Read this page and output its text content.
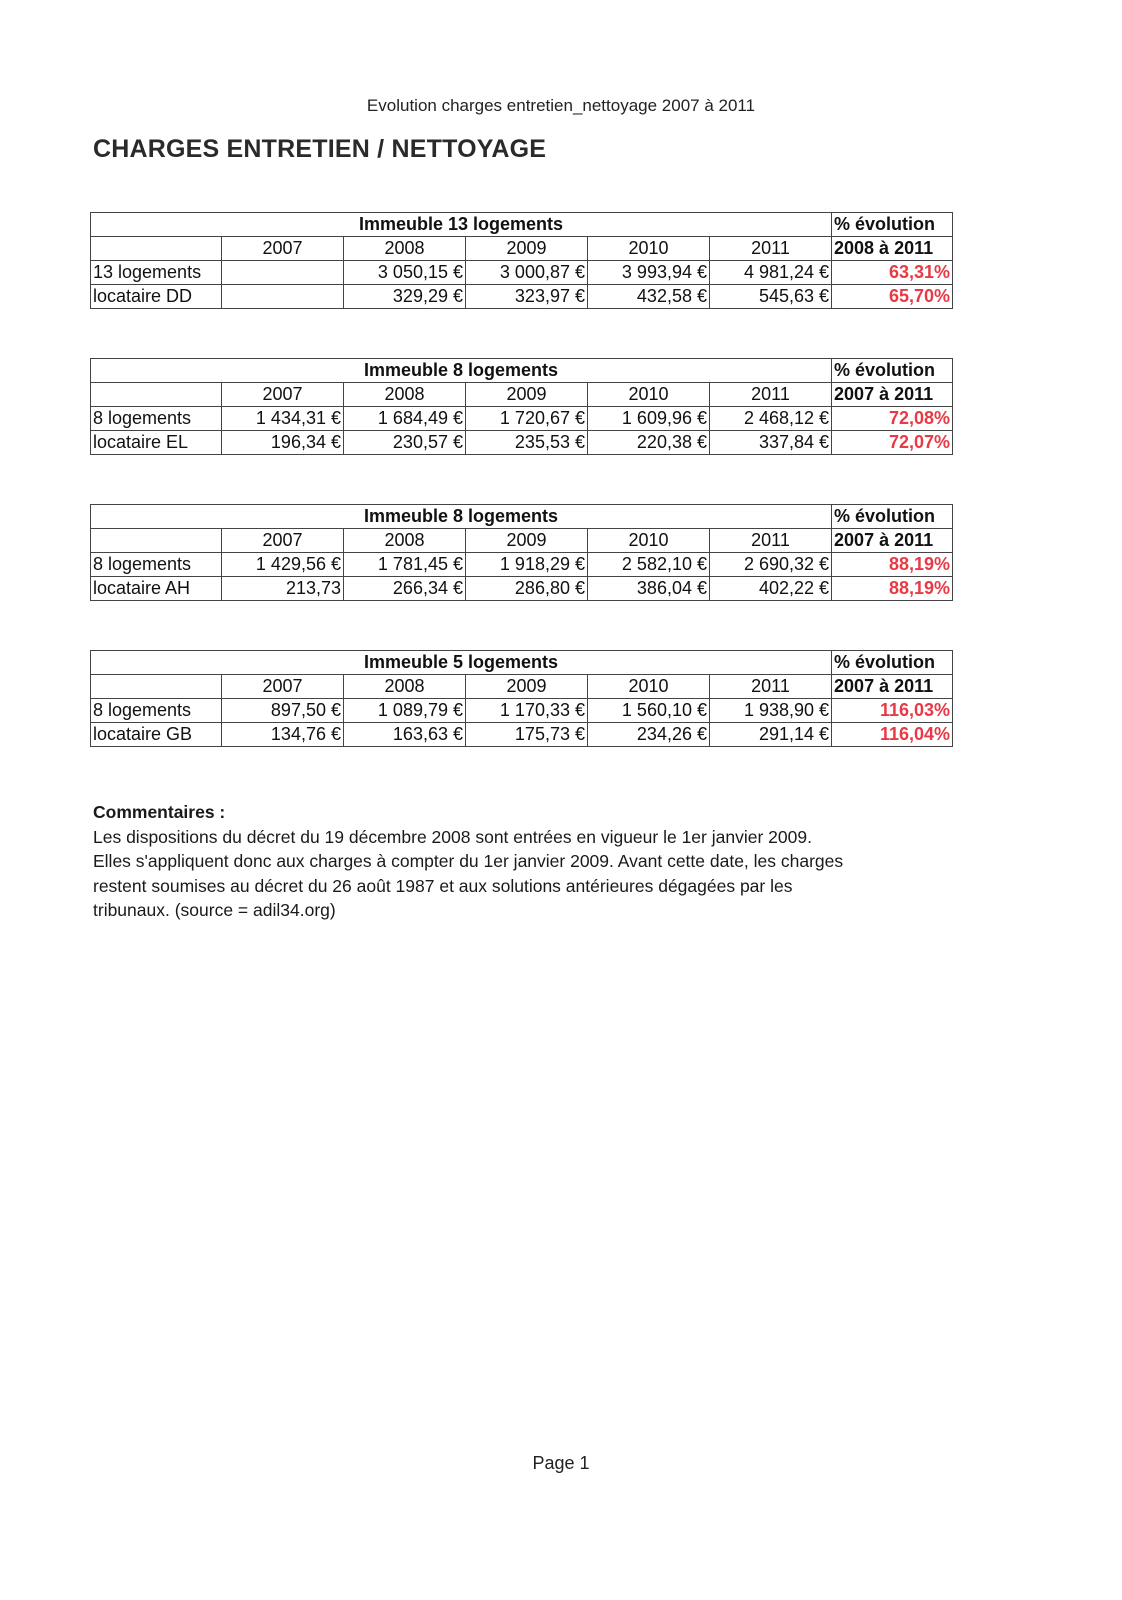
Evolution charges entretien_nettoyage 2007 à 2011
CHARGES ENTRETIEN / NETTOYAGE
Immeuble 13 logements						% évolution
	2007	2008	2009	2010	2011	2008 à 2011
13 logements		3 050,15 €	3 000,87 €	3 993,94 €	4 981,24 €	63,31%
locataire DD		329,29 €	323,97 €	432,58 €	545,63 €	65,70%
Immeuble 8 logements						% évolution
	2007	2008	2009	2010	2011	2007 à 2011
8 logements	1 434,31 €	1 684,49 €	1 720,67 €	1 609,96 €	2 468,12 €	72,08%
locataire EL	196,34 €	230,57 €	235,53 €	220,38 €	337,84 €	72,07%
Immeuble 8 logements						% évolution
	2007	2008	2009	2010	2011	2007 à 2011
8 logements	1 429,56 €	1 781,45 €	1 918,29 €	2 582,10 €	2 690,32 €	88,19%
locataire AH	213,73	266,34 €	286,80 €	386,04 €	402,22 €	88,19%
Immeuble 5 logements						% évolution
	2007	2008	2009	2010	2011	2007 à 2011
8 logements	897,50 €	1 089,79 €	1 170,33 €	1 560,10 €	1 938,90 €	116,03%
locataire GB	134,76 €	163,63 €	175,73 €	234,26 €	291,14 €	116,04%
Commentaires :
Les dispositions du décret du 19 décembre 2008 sont entrées en vigueur le 1er janvier 2009.
Elles s'appliquent donc aux charges à compter du 1er janvier 2009. Avant cette date, les charges
restent soumises au décret du 26 août 1987 et aux solutions antérieures dégagées par les
tribunaux. (source = adil34.org)
Page 1
